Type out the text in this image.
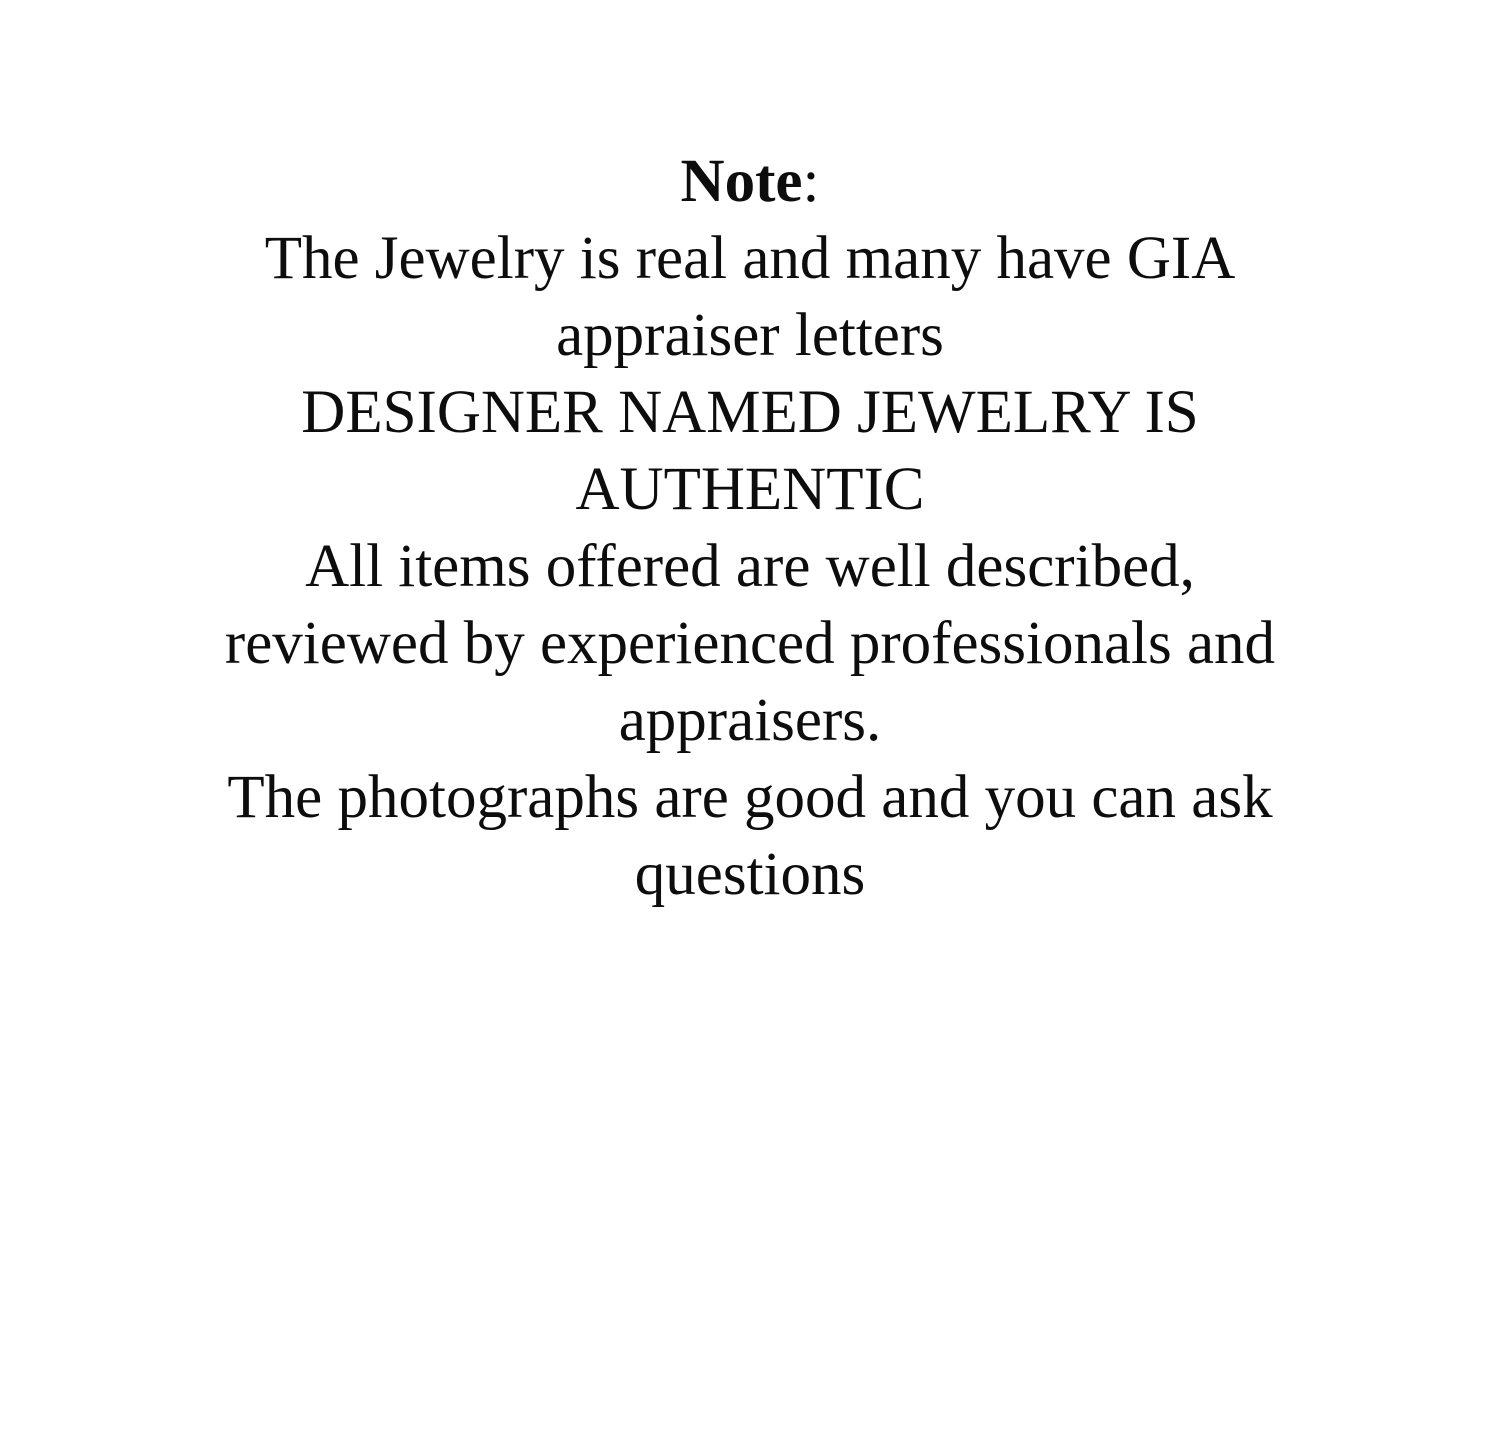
Note:
The Jewelry is real and many have GIA
appraiser letters
DESIGNER NAMED JEWELRY IS
AUTHENTIC
All items offered are well described,
reviewed by experienced professionals and
appraisers.
The photographs are good and you can ask
questions
